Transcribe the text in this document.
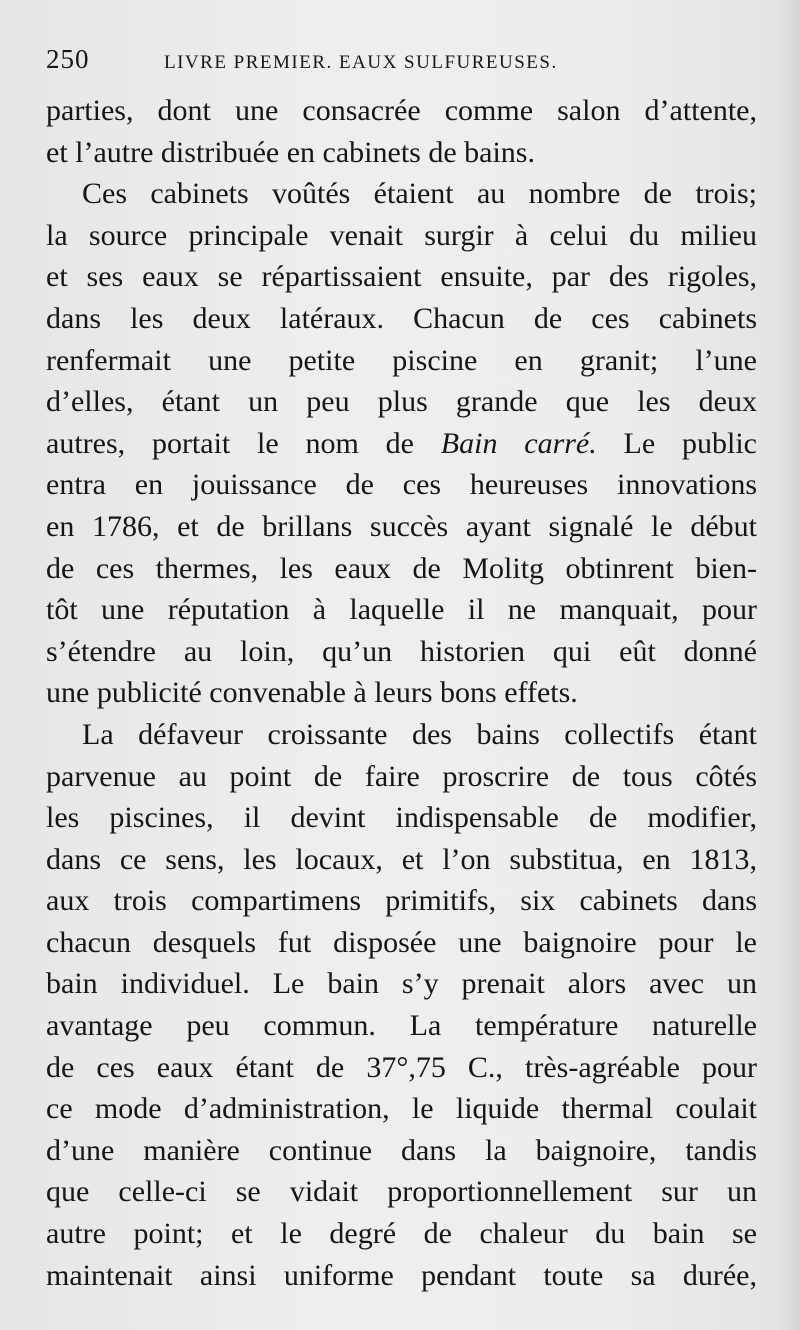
250	LIVRE PREMIER. EAUX SULFUREUSES.
parties, dont une consacrée comme salon d’attente,
et l’autre distribuée en cabinets de bains.
Ces cabinets voûtés étaient au nombre de trois;
la source principale venait surgir à celui du milieu
et ses eaux se répartissaient ensuite, par des rigoles,
dans les deux latéraux. Chacun de ces cabinets
renfermait une petite piscine en granit; l’une
d’elles, étant un peu plus grande que les deux
autres, portait le nom de Bain carré. Le public
entra en jouissance de ces heureuses innovations
en 1786, et de brillans succès ayant signalé le début
de ces thermes, les eaux de Molitg obtinrent bien-
tôt une réputation à laquelle il ne manquait, pour
s’étendre au loin, qu’un historien qui eût donné
une publicité convenable à leurs bons effets.
La défaveur croissante des bains collectifs étant
parvenue au point de faire proscrire de tous côtés
les piscines, il devint indispensable de modifier,
dans ce sens, les locaux, et l’on substitua, en 1813,
aux trois compartimens primitifs, six cabinets dans
chacun desquels fut disposée une baignoire pour le
bain individuel. Le bain s’y prenait alors avec un
avantage peu commun. La température naturelle
de ces eaux étant de 37°,75 C., très-agréable pour
ce mode d’administration, le liquide thermal coulait
d’une manière continue dans la baignoire, tandis
que celle-ci se vidait proportionnellement sur un
autre point; et le degré de chaleur du bain se
maintenait ainsi uniforme pendant toute sa durée,
